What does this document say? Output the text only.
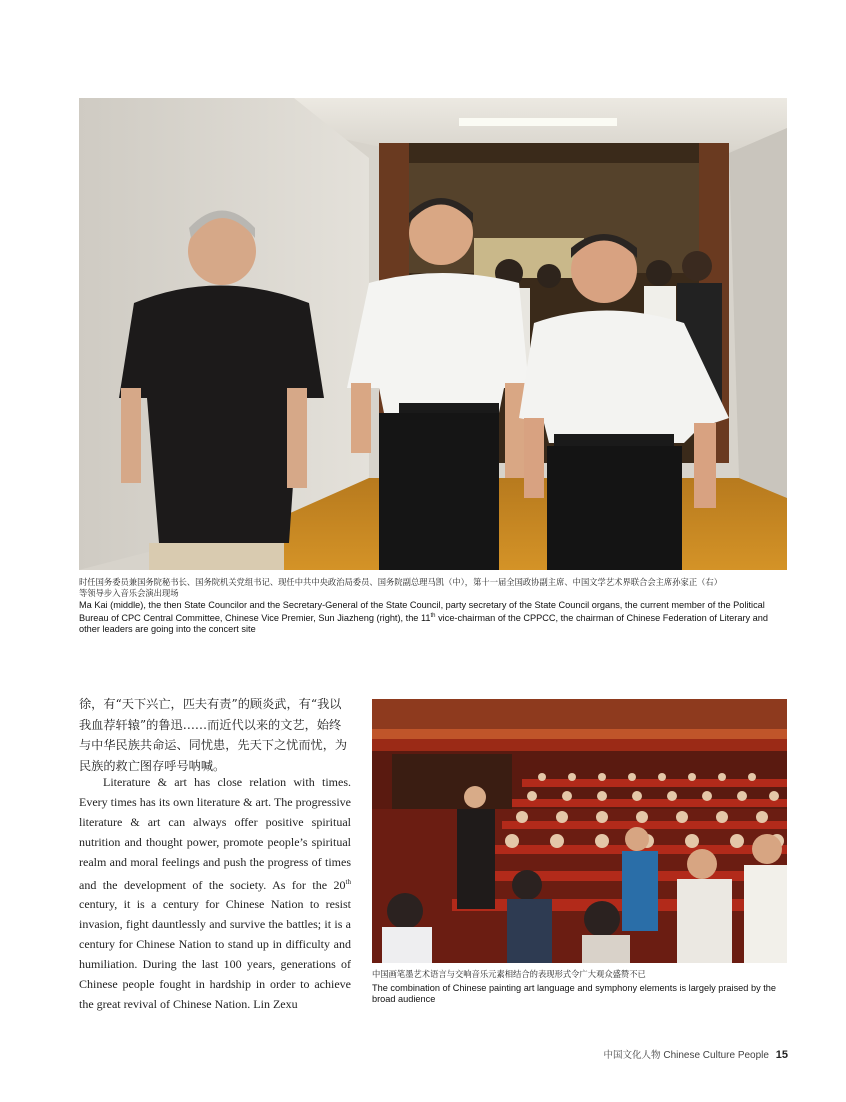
时任国务委员兼国务院秘书长、国务院机关党组书记、现任中共中央政治局委员、国务院副总理马凯（中），第十一届全国政协副主席、中国文学艺术界联合会主席孙家正（右）
等领导步入音乐会演出现场
Ma Kai (middle), the then State Councilor and the Secretary-General of the State Council, party secretary of the State Council organs, the current member of the Political Bureau of CPC Central Committee, Chinese Vice Premier, Sun Jiazheng (right), the 11th vice-chairman of the CPPCC, the chairman of Chinese Federation of Literary and other leaders are going into the concert site

徐，有“天下兴亡，匹夫有责”的顾炎武，有“我以我血荐轩辕”的鲁迅……而近代以来的文艺，始终与中华民族共命运、同忧患，先天下之忧而忧，为民族的救亡图存呼号呐喊。

Literature & art has close relation with times. Every times has its own literature & art. The progressive literature & art can always offer positive spiritual nutrition and thought power, promote people’s spiritual realm and moral feelings and push the progress of times and the development of the society. As for the 20th century, it is a century for Chinese Nation to resist invasion, fight dauntlessly and survive the battles; it is a century for Chinese Nation to stand up in difficulty and humiliation. During the last 100 years, generations of Chinese people fought in hardship in order to achieve the great revival of Chinese Nation. Lin Zexu
中国画笔墨艺术语言与交响音乐元素相结合的表现形式令广大观众盛赞不已
The combination of Chinese painting art language and symphony elements is largely praised by the broad audience
中国文化人物 Chinese Culture People 15
